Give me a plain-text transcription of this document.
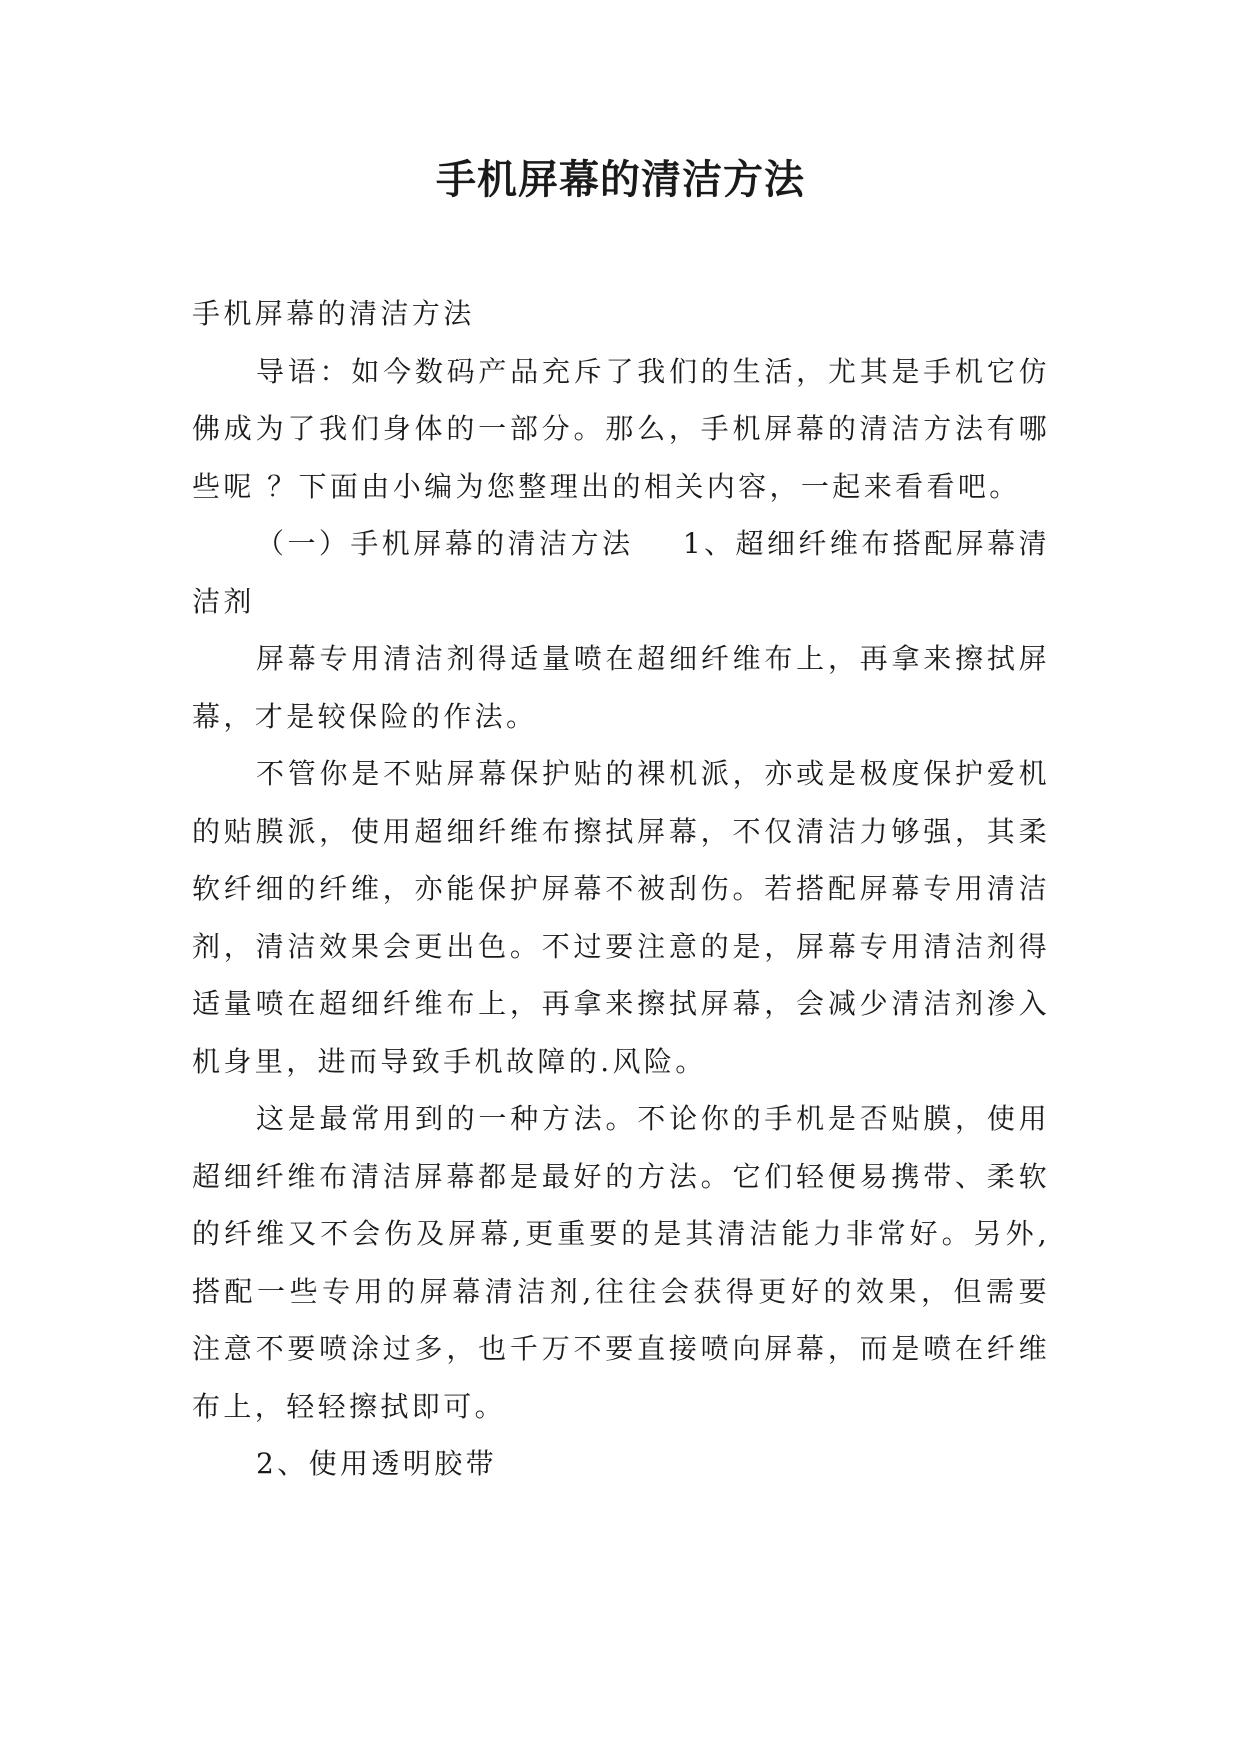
手机屏幕的清洁方法

手机屏幕的清洁方法

导语：如今数码产品充斥了我们的生活，尤其是手机它仿佛成为了我们身体的一部分。那么，手机屏幕的清洁方法有哪些呢 ？下面由小编为您整理出的相关内容，一起来看看吧。

（一）手机屏幕的清洁方法 1、超细纤维布搭配屏幕清洁剂

屏幕专用清洁剂得适量喷在超细纤维布上，再拿来擦拭屏幕，才是较保险的作法。

不管你是不贴屏幕保护贴的裸机派，亦或是极度保护爱机的贴膜派，使用超细纤维布擦拭屏幕，不仅清洁力够强，其柔软纤细的纤维，亦能保护屏幕不被刮伤。若搭配屏幕专用清洁剂，清洁效果会更出色。不过要注意的是，屏幕专用清洁剂得适量喷在超细纤维布上，再拿来擦拭屏幕，会减少清洁剂渗入机身里，进而导致手机故障的.风险。

这是最常用到的一种方法。不论你的手机是否贴膜，使用超细纤维布清洁屏幕都是最好的方法。它们轻便易携带、柔软的纤维又不会伤及屏幕,更重要的是其清洁能力非常好。另外,搭配一些专用的屏幕清洁剂,往往会获得更好的效果，但需要注意不要喷涂过多，也千万不要直接喷向屏幕，而是喷在纤维布上，轻轻擦拭即可。

2、使用透明胶带
